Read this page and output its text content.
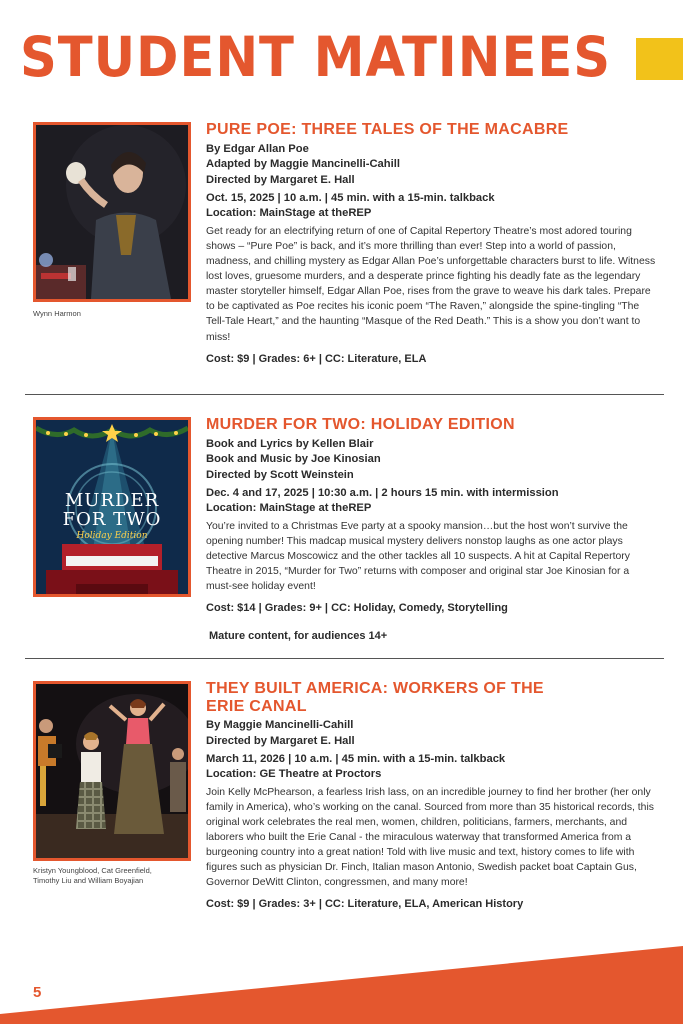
STUDENT MATINEES
Wynn Harmon
PURE POE: THREE TALES OF THE MACABRE
By Edgar Allan Poe
Adapted by Maggie Mancinelli-Cahill
Directed by Margaret E. Hall
Oct. 15, 2025 | 10 a.m. | 45 min. with a 15-min. talkback
Location: MainStage at theREP
Get ready for an electrifying return of one of Capital Repertory Theatre’s most adored touring shows – “Pure Poe” is back, and it’s more thrilling than ever! Step into a world of passion, madness, and chilling mystery as Edgar Allan Poe’s unforgettable characters burst to life. Witness lost loves, gruesome murders, and a desperate prince fighting his deadly fate as the legendary master storyteller himself, Edgar Allan Poe, rises from the grave to weave his dark tales. Prepare to be captivated as Poe recites his iconic poem “The Raven,” alongside the spine-tingling “The Tell-Tale Heart,” and the haunting “Masque of the Red Death.” This is a show you don’t want to miss!
Cost: $9 | Grades: 6+ | CC: Literature, ELA
MURDER
FOR TWO
Holiday Edition
MURDER FOR TWO: HOLIDAY EDITION
Book and Lyrics by Kellen Blair
Book and Music by Joe Kinosian
Directed by Scott Weinstein
Dec. 4 and 17, 2025 | 10:30 a.m. | 2 hours 15 min. with intermission
Location: MainStage at theREP
You’re invited to a Christmas Eve party at a spooky mansion…but the host won’t survive the opening number! This madcap musical mystery delivers nonstop laughs as one actor plays detective Marcus Moscowicz and the other tackles all 10 suspects. A hit at Capital Repertory Theatre in 2015, “Murder for Two” returns with composer and original star Joe Kinosian for a must-see holiday event!
Cost: $14 | Grades: 9+ | CC: Holiday, Comedy, Storytelling
Mature content, for audiences 14+
Kristyn Youngblood, Cat Greenfield,
Timothy Liu and William Boyajian
THEY BUILT AMERICA: WORKERS OF THE
ERIE CANAL
By Maggie Mancinelli-Cahill
Directed by Margaret E. Hall
March 11, 2026 | 10 a.m. | 45 min. with a 15-min. talkback
Location: GE Theatre at Proctors
Join Kelly McPhearson, a fearless Irish lass, on an incredible journey to find her brother (her only family in America), who’s working on the canal. Sourced from more than 35 historical records, this original work celebrates the real men, women, children, politicians, farmers, merchants, and laborers who built the Erie Canal - the miraculous waterway that transformed America from a burgeoning country into a great nation! Told with live music and text, history comes to life with figures such as physician Dr. Finch, Italian mason Antonio, Swedish packet boat Captain Gus, Governor DeWitt Clinton, congressmen, and many more!
Cost: $9 | Grades: 3+ | CC: Literature, ELA, American History
5
